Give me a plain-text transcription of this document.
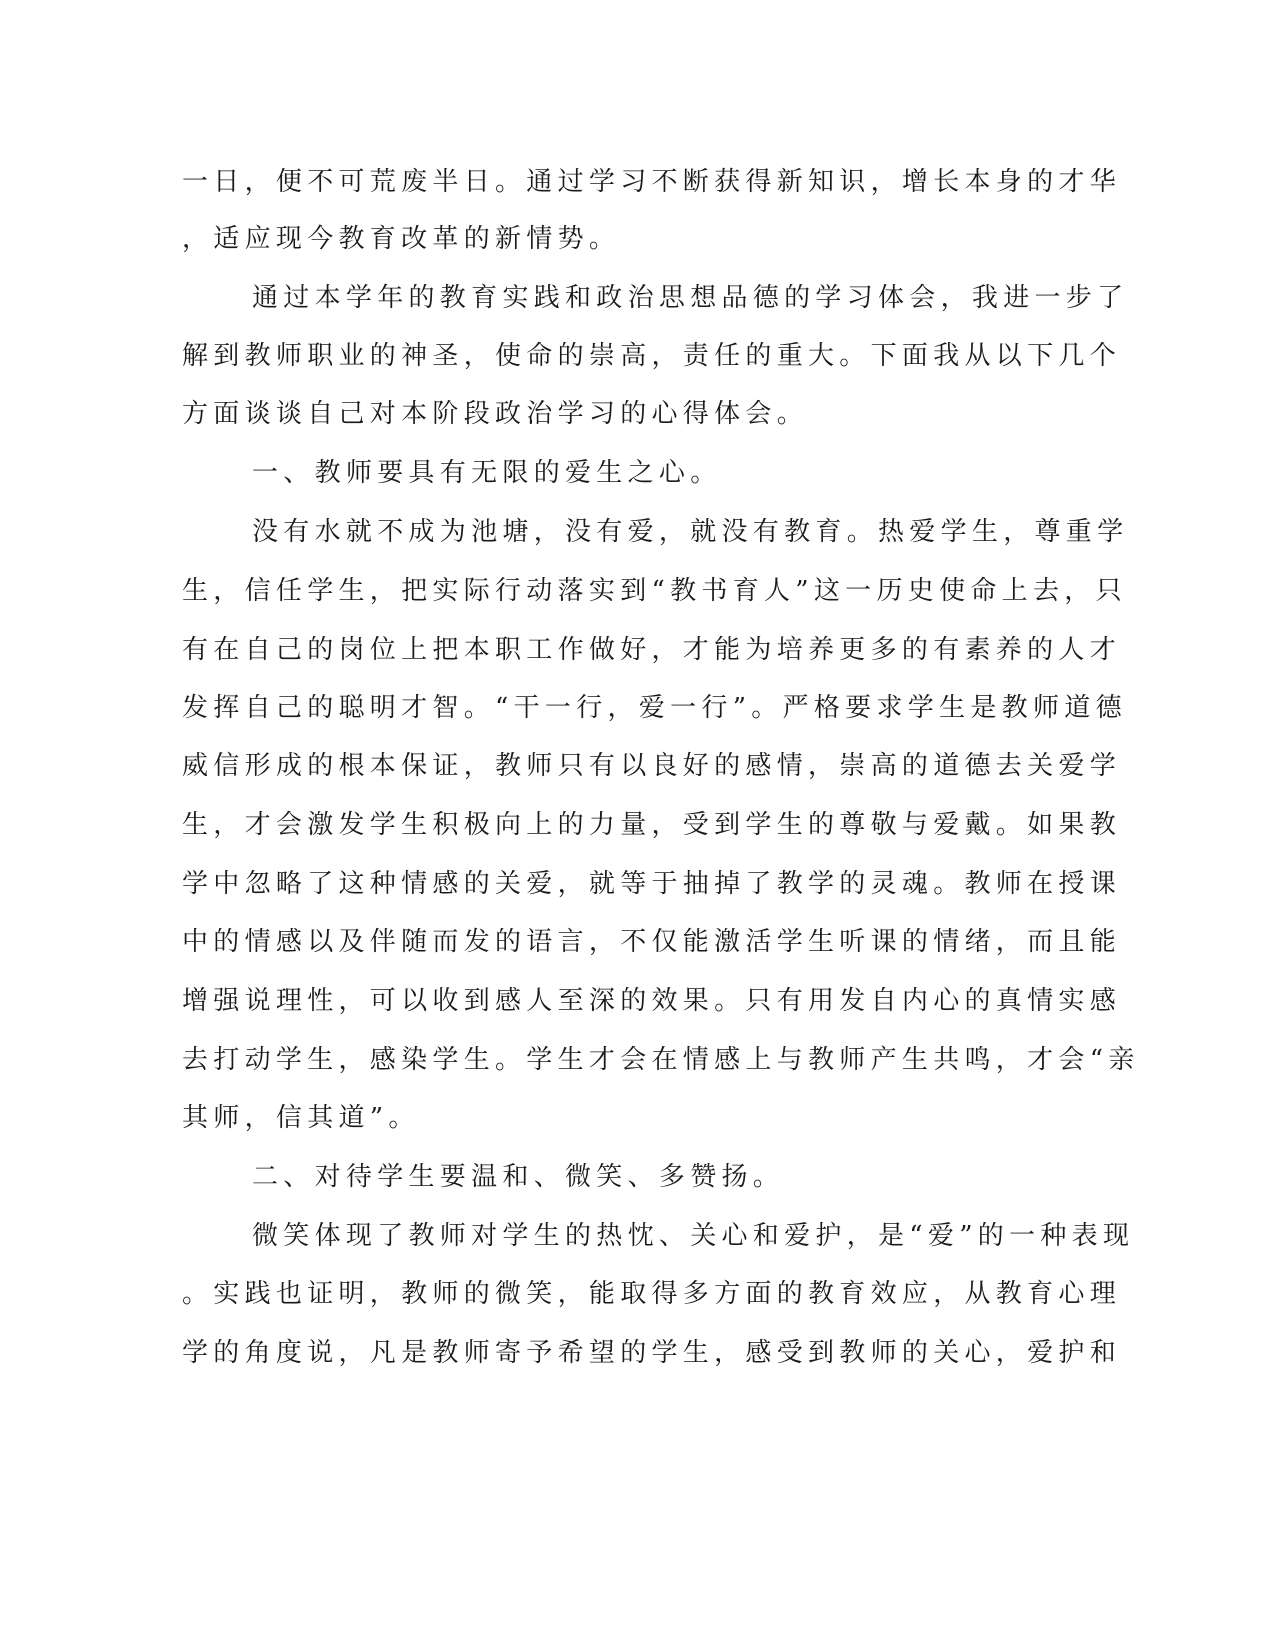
一日，便不可荒废半日。通过学习不断获得新知识，增长本身的才华
，适应现今教育改革的新情势。
通过本学年的教育实践和政治思想品德的学习体会，我进一步了
解到教师职业的神圣，使命的崇高，责任的重大。下面我从以下几个
方面谈谈自己对本阶段政治学习的心得体会。
一、教师要具有无限的爱生之心。
没有水就不成为池塘，没有爱，就没有教育。热爱学生，尊重学
生，信任学生，把实际行动落实到“教书育人”这一历史使命上去，只
有在自己的岗位上把本职工作做好，才能为培养更多的有素养的人才
发挥自己的聪明才智。“干一行，爱一行”。严格要求学生是教师道德
威信形成的根本保证，教师只有以良好的感情，崇高的道德去关爱学
生，才会激发学生积极向上的力量，受到学生的尊敬与爱戴。如果教
学中忽略了这种情感的关爱，就等于抽掉了教学的灵魂。教师在授课
中的情感以及伴随而发的语言，不仅能激活学生听课的情绪，而且能
增强说理性，可以收到感人至深的效果。只有用发自内心的真情实感
去打动学生，感染学生。学生才会在情感上与教师产生共鸣，才会“亲
其师，信其道”。
二、对待学生要温和、微笑、多赞扬。
微笑体现了教师对学生的热忱、关心和爱护，是“爱”的一种表现
。实践也证明，教师的微笑，能取得多方面的教育效应，从教育心理
学的角度说，凡是教师寄予希望的学生，感受到教师的关心，爱护和
